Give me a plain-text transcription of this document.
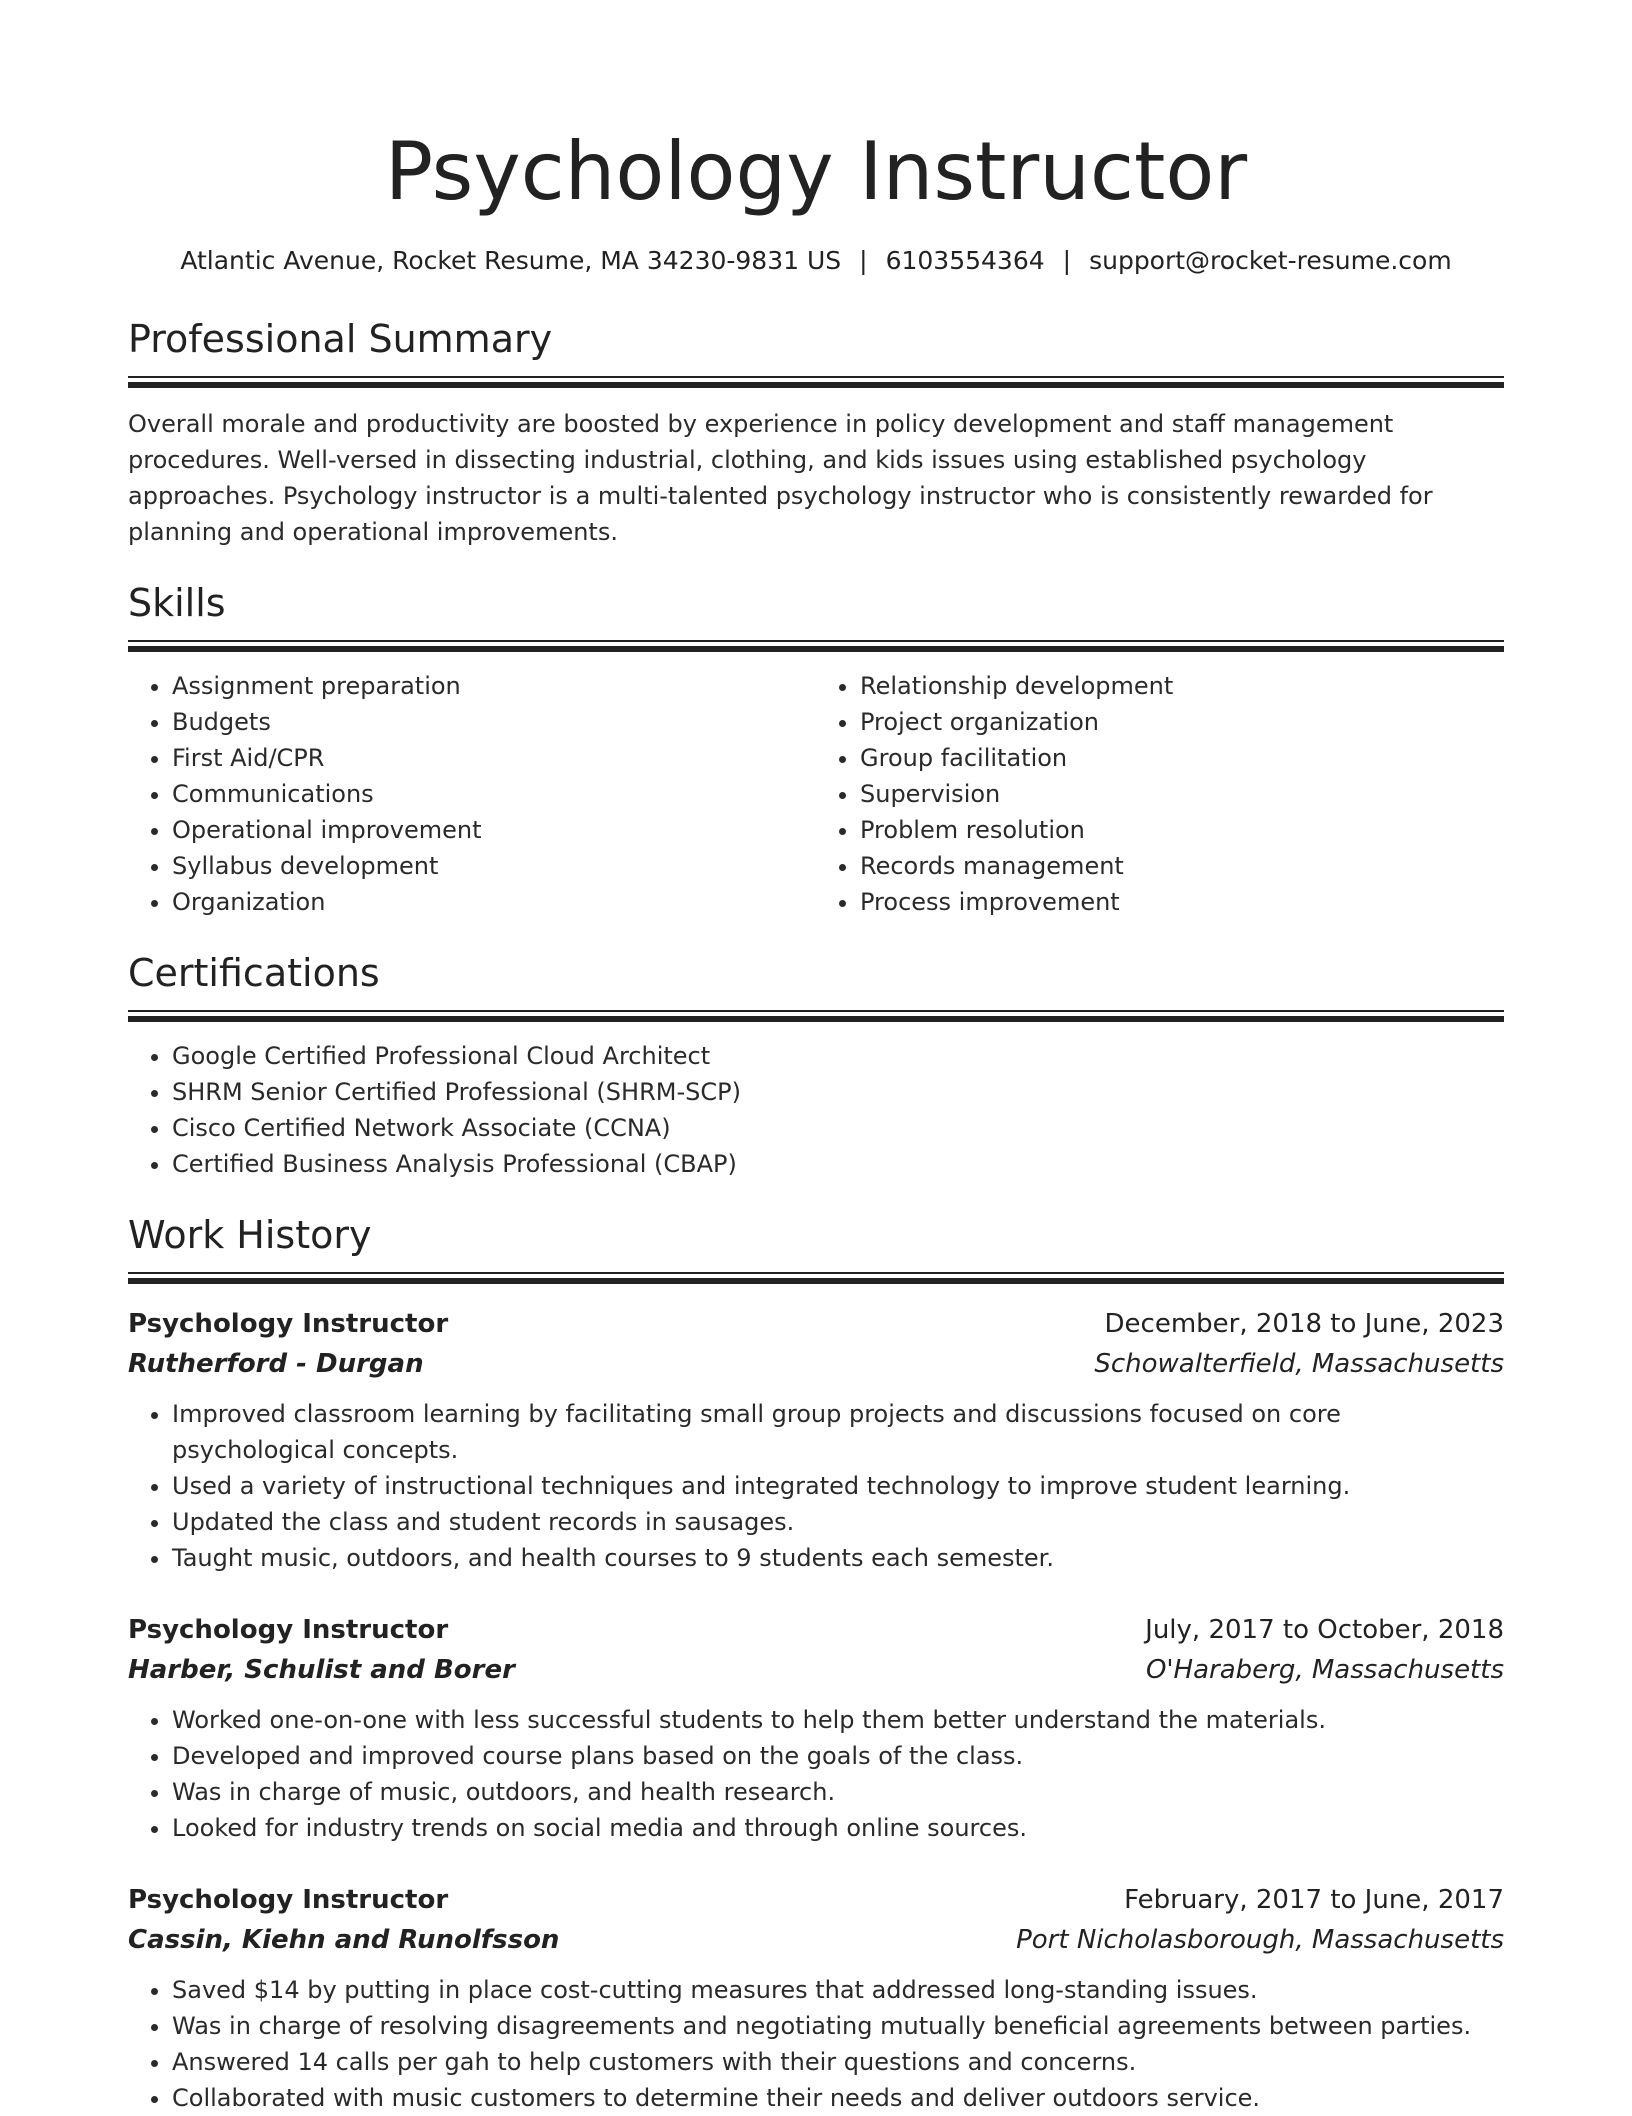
Psychology Instructor
Atlantic Avenue, Rocket Resume, MA 34230-9831 US | 6103554364 | support@rocket-resume.com
Professional Summary
Overall morale and productivity are boosted by experience in policy development and staff management procedures. Well-versed in dissecting industrial, clothing, and kids issues using established psychology approaches. Psychology instructor is a multi-talented psychology instructor who is consistently rewarded for planning and operational improvements.
Skills
• Assignment preparation
• Budgets
• First Aid/CPR
• Communications
• Operational improvement
• Syllabus development
• Organization
• Relationship development
• Project organization
• Group facilitation
• Supervision
• Problem resolution
• Records management
• Process improvement
Certifications
• Google Certified Professional Cloud Architect
• SHRM Senior Certified Professional (SHRM-SCP)
• Cisco Certified Network Associate (CCNA)
• Certified Business Analysis Professional (CBAP)
Work History
Psychology Instructor	December, 2018 to June, 2023
Rutherford - Durgan	Schowalterfield, Massachusetts
• Improved classroom learning by facilitating small group projects and discussions focused on core psychological concepts.
• Used a variety of instructional techniques and integrated technology to improve student learning.
• Updated the class and student records in sausages.
• Taught music, outdoors, and health courses to 9 students each semester.
Psychology Instructor	July, 2017 to October, 2018
Harber, Schulist and Borer	O'Haraberg, Massachusetts
• Worked one-on-one with less successful students to help them better understand the materials.
• Developed and improved course plans based on the goals of the class.
• Was in charge of music, outdoors, and health research.
• Looked for industry trends on social media and through online sources.
Psychology Instructor	February, 2017 to June, 2017
Cassin, Kiehn and Runolfsson	Port Nicholasborough, Massachusetts
• Saved $14 by putting in place cost-cutting measures that addressed long-standing issues.
• Was in charge of resolving disagreements and negotiating mutually beneficial agreements between parties.
• Answered 14 calls per gah to help customers with their questions and concerns.
• Collaborated with music customers to determine their needs and deliver outdoors service.
